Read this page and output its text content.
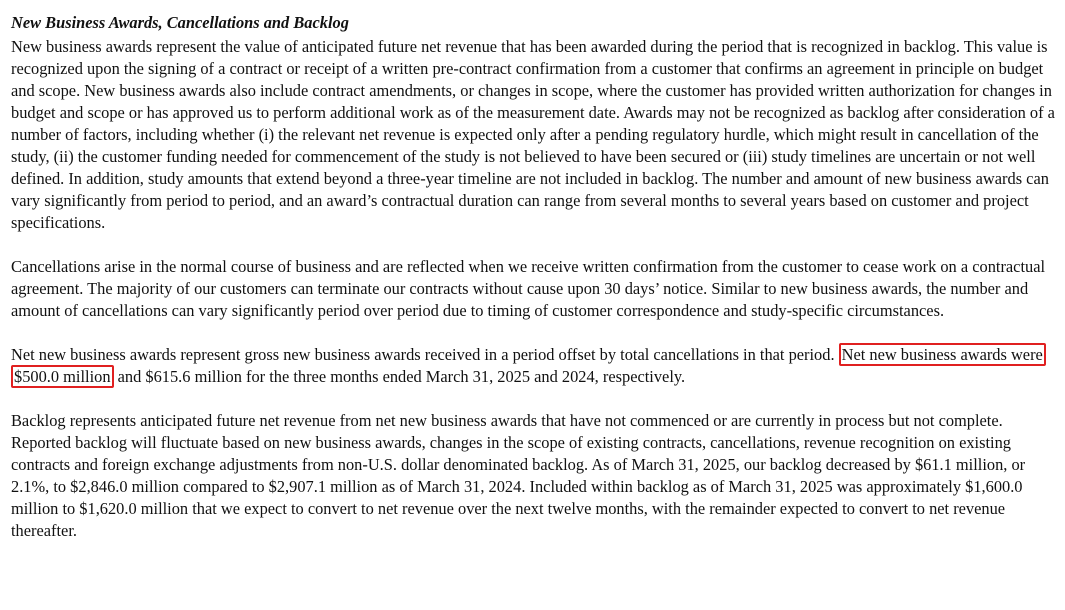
New Business Awards, Cancellations and Backlog

New business awards represent the value of anticipated future net revenue that has been awarded during the period that is recognized in backlog. This value is recognized upon the signing of a contract or receipt of a written pre-contract confirmation from a customer that confirms an agreement in principle on budget and scope. New business awards also include contract amendments, or changes in scope, where the customer has provided written authorization for changes in budget and scope or has approved us to perform additional work as of the measurement date. Awards may not be recognized as backlog after consideration of a number of factors, including whether (i) the relevant net revenue is expected only after a pending regulatory hurdle, which might result in cancellation of the study, (ii) the customer funding needed for commencement of the study is not believed to have been secured or (iii) study timelines are uncertain or not well defined. In addition, study amounts that extend beyond a three-year timeline are not included in backlog. The number and amount of new business awards can vary significantly from period to period, and an award’s contractual duration can range from several months to several years based on customer and project specifications.

Cancellations arise in the normal course of business and are reflected when we receive written confirmation from the customer to cease work on a contractual agreement. The majority of our customers can terminate our contracts without cause upon 30 days’ notice. Similar to new business awards, the number and amount of cancellations can vary significantly period over period due to timing of customer correspondence and study-specific circumstances.

Net new business awards represent gross new business awards received in a period offset by total cancellations in that period. Net new business awards were $500.0 million and $615.6 million for the three months ended March 31, 2025 and 2024, respectively.

Backlog represents anticipated future net revenue from net new business awards that have not commenced or are currently in process but not complete. Reported backlog will fluctuate based on new business awards, changes in the scope of existing contracts, cancellations, revenue recognition on existing contracts and foreign exchange adjustments from non-U.S. dollar denominated backlog. As of March 31, 2025, our backlog decreased by $61.1 million, or 2.1%, to $2,846.0 million compared to $2,907.1 million as of March 31, 2024. Included within backlog as of March 31, 2025 was approximately $1,600.0 million to $1,620.0 million that we expect to convert to net revenue over the next twelve months, with the remainder expected to convert to net revenue thereafter.
